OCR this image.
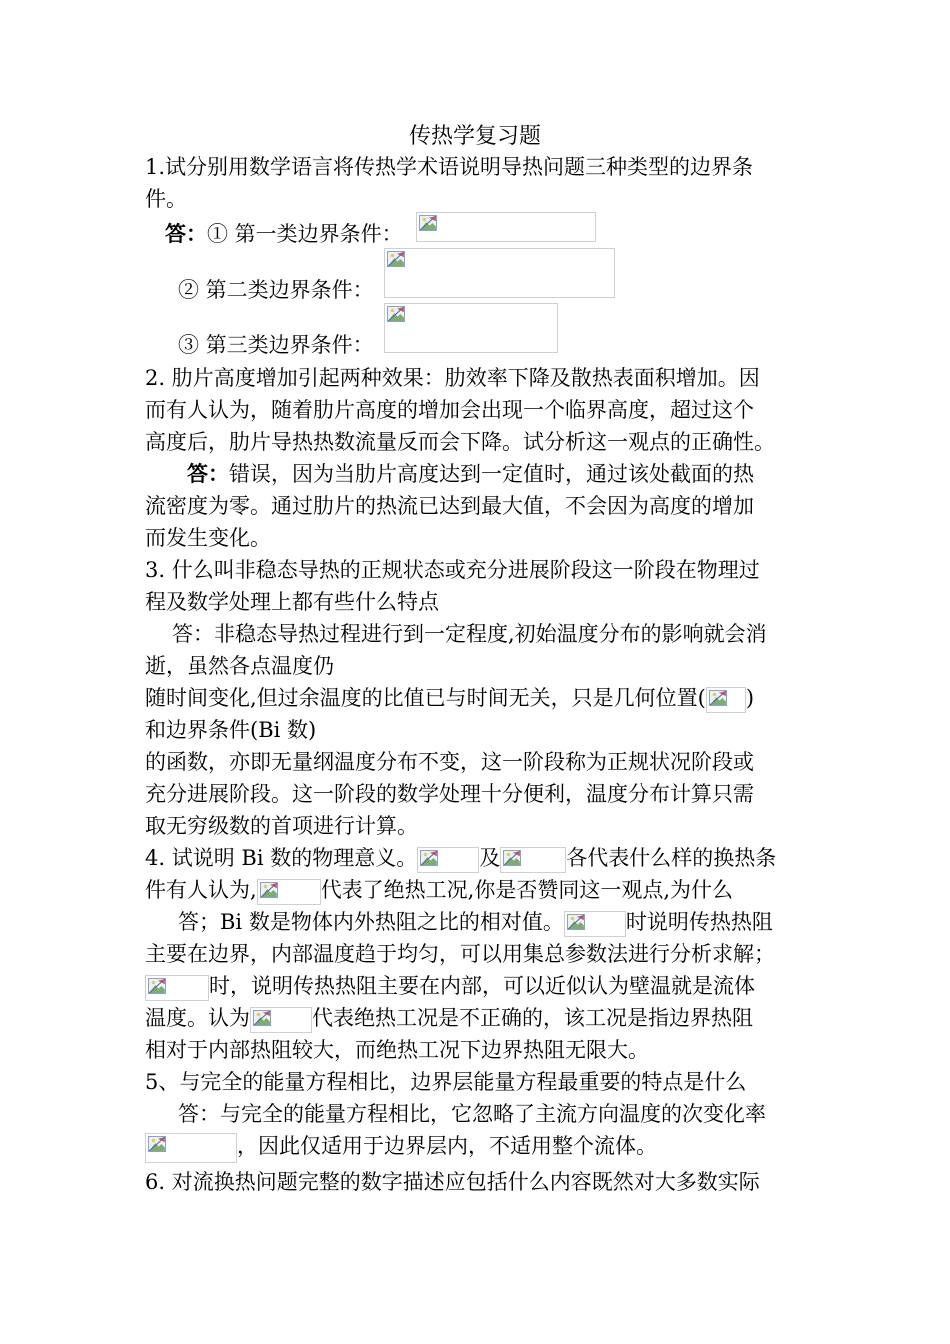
传热学复习题
1.试分别用数学语言将传热学术语说明导热问题三种类型的边界条
件。
答：① 第一类边界条件：
② 第二类边界条件：
③ 第三类边界条件：
2. 肋片高度增加引起两种效果：肋效率下降及散热表面积增加。因
而有人认为，随着肋片高度的增加会出现一个临界高度，超过这个
高度后，肋片导热热数流量反而会下降。试分析这一观点的正确性。
答：错误，因为当肋片高度达到一定值时，通过该处截面的热
流密度为零。通过肋片的热流已达到最大值，不会因为高度的增加
而发生变化。
3. 什么叫非稳态导热的正规状态或充分进展阶段这一阶段在物理过
程及数学处理上都有些什么特点
答：非稳态导热过程进行到一定程度,初始温度分布的影响就会消
逝，虽然各点温度仍
随时间变化,但过余温度的比值已与时间无关，只是几何位置( )
和边界条件(Bi 数)
的函数，亦即无量纲温度分布不变，这一阶段称为正规状况阶段或
充分进展阶段。这一阶段的数学处理十分便利，温度分布计算只需
取无穷级数的首项进行计算。
4. 试说明 Bi 数的物理意义。	及	各代表什么样的换热条
件有人认为,	代表了绝热工况,你是否赞同这一观点,为什么
答；Bi 数是物体内外热阻之比的相对值。	时说明传热热阻
主要在边界，内部温度趋于均匀，可以用集总参数法进行分析求解；
时，说明传热热阻主要在内部，可以近似认为壁温就是流体
温度。认为	代表绝热工况是不正确的，该工况是指边界热阻
相对于内部热阻较大，而绝热工况下边界热阻无限大。
5、与完全的能量方程相比，边界层能量方程最重要的特点是什么
答：与完全的能量方程相比，它忽略了主流方向温度的次变化率
，因此仅适用于边界层内，不适用整个流体。
6. 对流换热问题完整的数字描述应包括什么内容既然对大多数实际
